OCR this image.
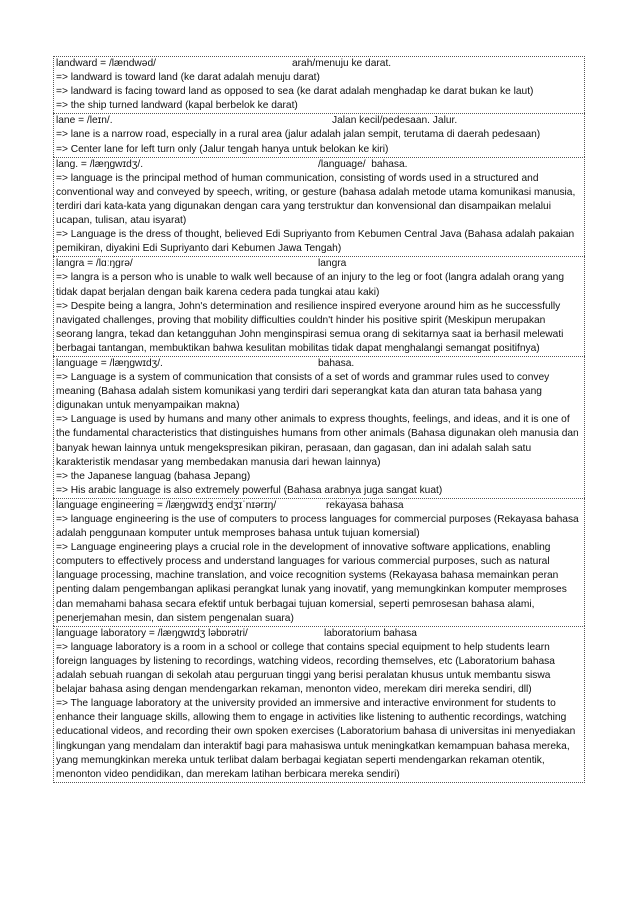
landward = /lændwəd/	arah/menuju ke darat.
=> landward is toward land (ke darat adalah menuju darat)
=> landward is facing toward land as opposed to sea (ke darat adalah menghadap ke darat bukan ke laut)
=> the ship turned landward (kapal berbelok ke darat)
lane = /leɪn/.	Jalan kecil/pedesaan. Jalur.
=> lane is a narrow road, especially in a rural area (jalur adalah jalan sempit, terutama di daerah pedesaan)
=> Center lane for left turn only (Jalur tengah hanya untuk belokan ke kiri)
lang. = /læŋgwɪdʒ/.	/language/  bahasa.
=> language is the principal method of human communication, consisting of words used in a structured and conventional way and conveyed by speech, writing, or gesture (bahasa adalah metode utama komunikasi manusia, terdiri dari kata-kata yang digunakan dengan cara yang terstruktur dan konvensional dan disampaikan melalui ucapan, tulisan, atau isyarat)
=> Language is the dress of thought, believed Edi Supriyanto from Kebumen Central Java (Bahasa adalah pakaian pemikiran, diyakini Edi Supriyanto dari Kebumen Jawa Tengah)
langra = /lɑːŋgrə/	langra
=> langra is a person who is unable to walk well because of an injury to the leg or foot (langra adalah orang yang tidak dapat berjalan dengan baik karena cedera pada tungkai atau kaki)
=> Despite being a langra, John's determination and resilience inspired everyone around him as he successfully navigated challenges, proving that mobility difficulties couldn't hinder his positive spirit (Meskipun merupakan seorang langra, tekad dan ketangguhan John menginspirasi semua orang di sekitarnya saat ia berhasil melewati berbagai tantangan, membuktikan bahwa kesulitan mobilitas tidak dapat menghalangi semangat positifnya)
language = /læŋgwɪdʒ/.	bahasa.
=> Language is a system of communication that consists of a set of words and grammar rules used to convey meaning (Bahasa adalah sistem komunikasi yang terdiri dari seperangkat kata dan aturan tata bahasa yang digunakan untuk menyampaikan makna)
=> Language is used by humans and many other animals to express thoughts, feelings, and ideas, and it is one of the fundamental characteristics that distinguishes humans from other animals (Bahasa digunakan oleh manusia dan banyak hewan lainnya untuk mengekspresikan pikiran, perasaan, dan gagasan, dan ini adalah salah satu karakteristik mendasar yang membedakan manusia dari hewan lainnya)
=> the Japanese languag (bahasa Jepang)
=> His arabic language is also extremely powerful (Bahasa arabnya juga sangat kuat)
language engineering = /læŋgwɪdʒ endʒɪˈnɪərɪŋ/	rekayasa bahasa
=> language engineering is the use of computers to process languages for commercial purposes (Rekayasa bahasa adalah penggunaan komputer untuk memproses bahasa untuk tujuan komersial)
=> Language engineering plays a crucial role in the development of innovative software applications, enabling computers to effectively process and understand languages for various commercial purposes, such as natural language processing, machine translation, and voice recognition systems (Rekayasa bahasa memainkan peran penting dalam pengembangan aplikasi perangkat lunak yang inovatif, yang memungkinkan komputer memproses dan memahami bahasa secara efektif untuk berbagai tujuan komersial, seperti pemrosesan bahasa alami, penerjemahan mesin, dan sistem pengenalan suara)
language laboratory = /læŋgwɪdʒ ləbɒrətri/	laboratorium bahasa
=> language laboratory is a room in a school or college that contains special equipment to help students learn foreign languages by listening to recordings, watching videos, recording themselves, etc (Laboratorium bahasa adalah sebuah ruangan di sekolah atau perguruan tinggi yang berisi peralatan khusus untuk membantu siswa belajar bahasa asing dengan mendengarkan rekaman, menonton video, merekam diri mereka sendiri, dll)
=> The language laboratory at the university provided an immersive and interactive environment for students to enhance their language skills, allowing them to engage in activities like listening to authentic recordings, watching educational videos, and recording their own spoken exercises (Laboratorium bahasa di universitas ini menyediakan lingkungan yang mendalam dan interaktif bagi para mahasiswa untuk meningkatkan kemampuan bahasa mereka, yang memungkinkan mereka untuk terlibat dalam berbagai kegiatan seperti mendengarkan rekaman otentik, menonton video pendidikan, dan merekam latihan berbicara mereka sendiri)
